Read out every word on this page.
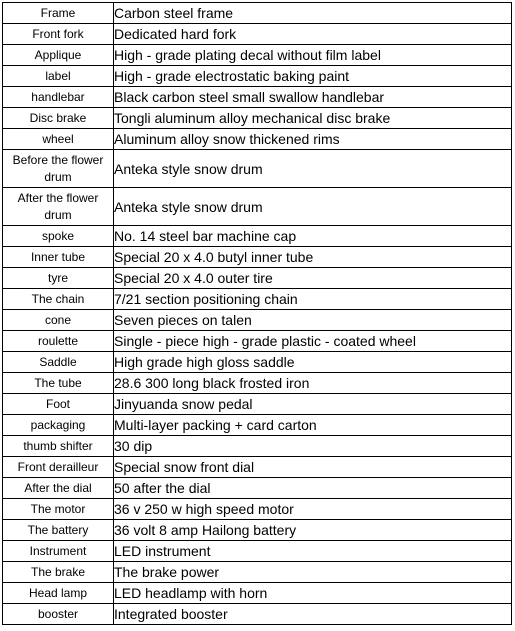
Frame	Carbon steel frame
Front fork	Dedicated hard fork
Applique	High - grade plating decal without film label
label	High - grade electrostatic baking paint
handlebar	Black carbon steel small swallow handlebar
Disc brake	Tongli aluminum alloy mechanical disc brake
wheel	Aluminum alloy snow thickened rims
Before the flower drum	Anteka style snow drum
After the flower drum	Anteka style snow drum
spoke	No. 14 steel bar machine cap
Inner tube	Special 20 x 4.0 butyl inner tube
tyre	Special 20 x 4.0 outer tire
The chain	7/21 section positioning chain
cone	Seven pieces on talen
roulette	Single - piece high - grade plastic - coated wheel
Saddle	High grade high gloss saddle
The tube	28.6 300 long black frosted iron
Foot	Jinyuanda snow pedal
packaging	Multi-layer packing + card carton
thumb shifter	30 dip
Front derailleur	Special snow front dial
After the dial	50 after the dial
The motor	36 v 250 w high speed motor
The battery	36 volt 8 amp Hailong battery
Instrument	LED instrument
The brake	The brake power
Head lamp	LED headlamp with horn
booster	Integrated booster
